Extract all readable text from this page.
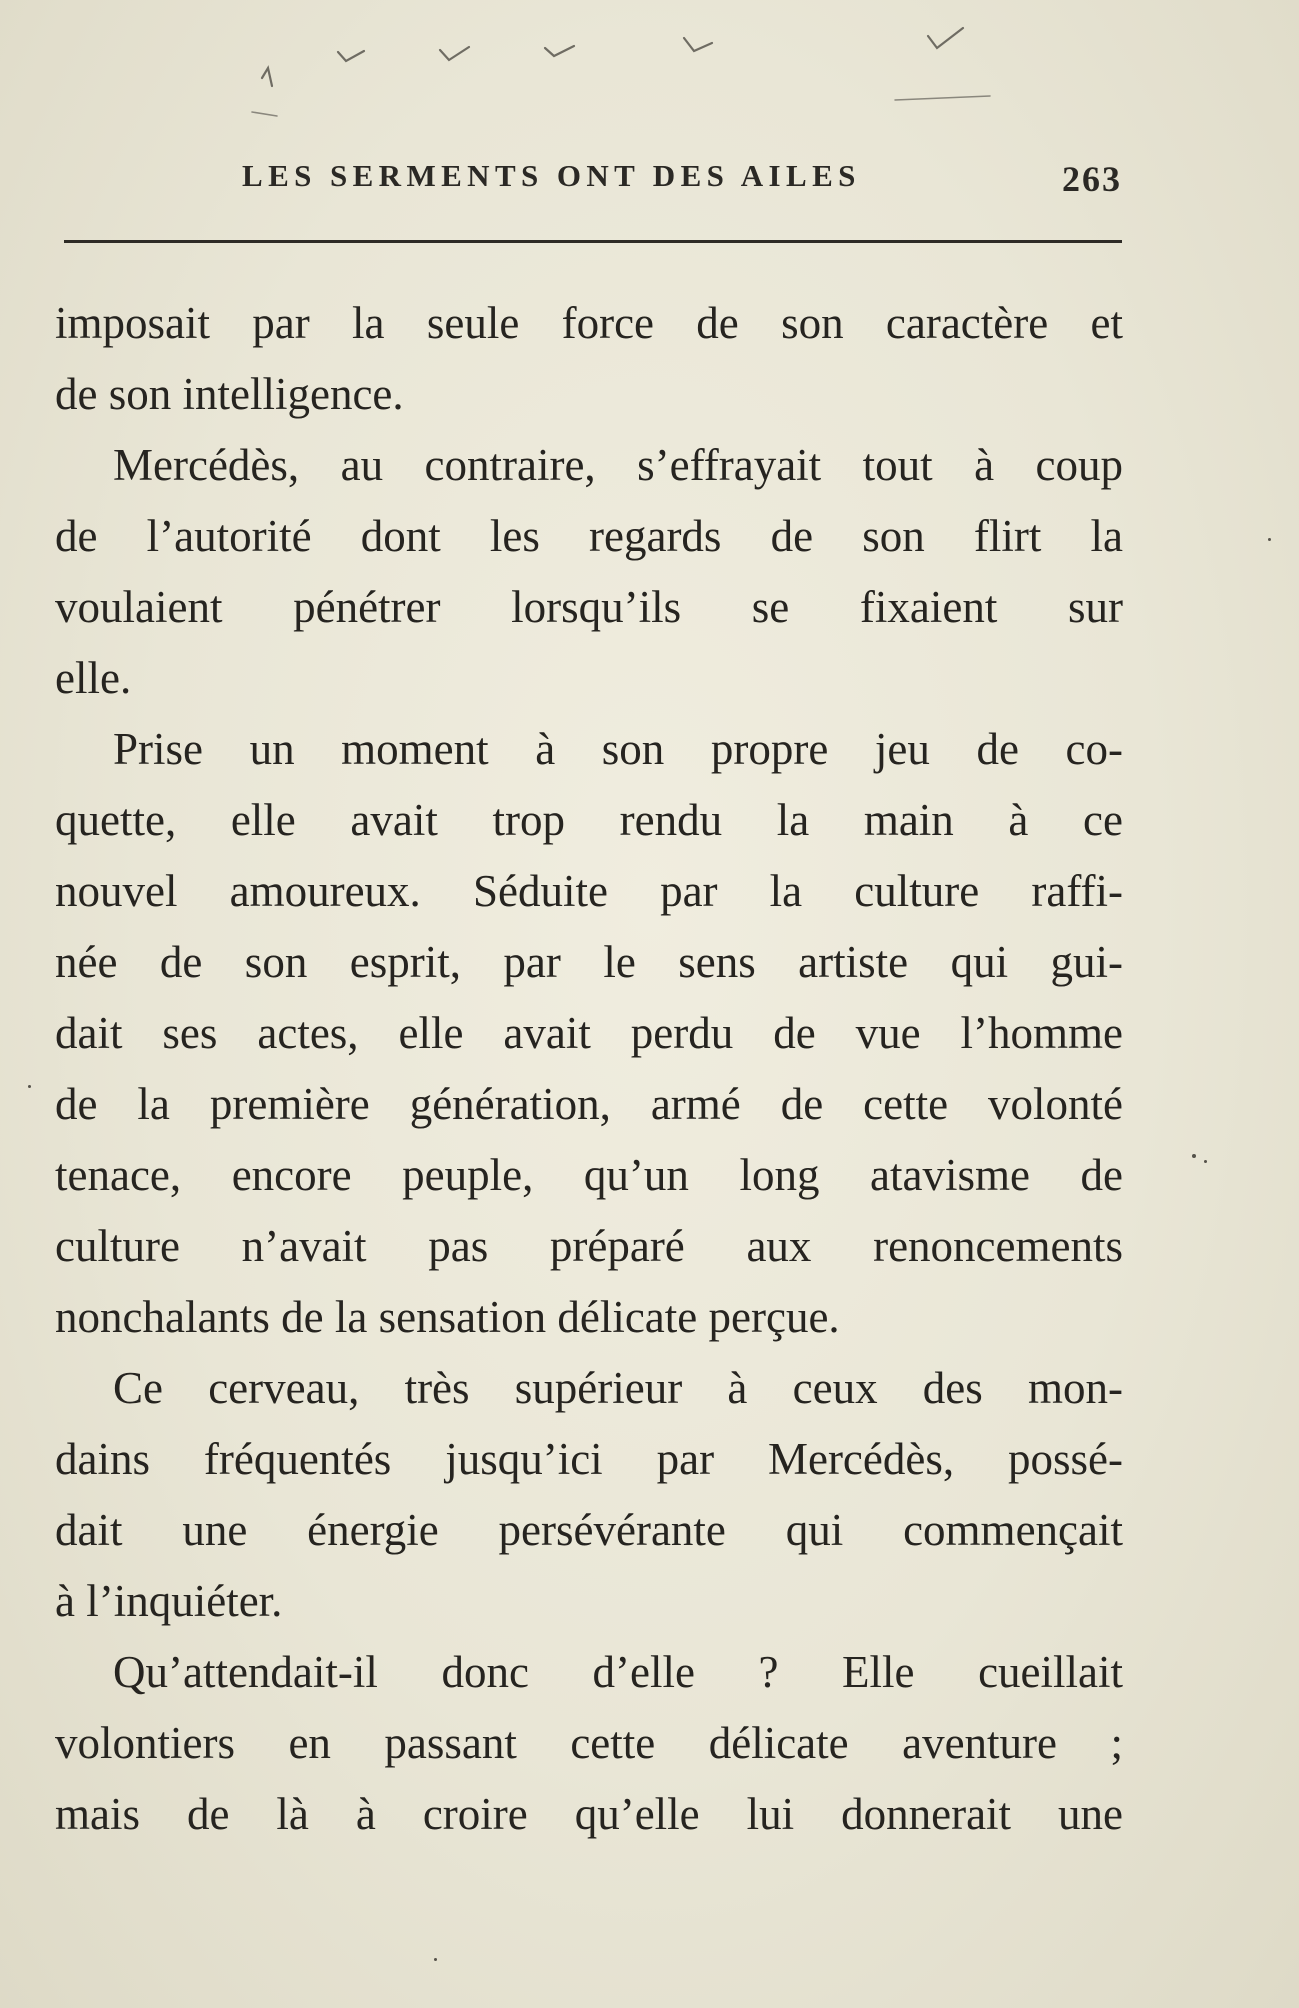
LES SERMENTS ONT DES AILES	263
imposait par la seule force de son caractère et
de son intelligence.
Mercédès, au contraire, s’effrayait tout à coup
de l’autorité dont les regards de son flirt la
voulaient pénétrer lorsqu’ils se fixaient sur
elle.
Prise un moment à son propre jeu de co-
quette, elle avait trop rendu la main à ce
nouvel amoureux. Séduite par la culture raffi-
née de son esprit, par le sens artiste qui gui-
dait ses actes, elle avait perdu de vue l’homme
de la première génération, armé de cette volonté
tenace, encore peuple, qu’un long atavisme de
culture n’avait pas préparé aux renoncements
nonchalants de la sensation délicate perçue.
Ce cerveau, très supérieur à ceux des mon-
dains fréquentés jusqu’ici par Mercédès, possé-
dait une énergie persévérante qui commençait
à l’inquiéter.
Qu’attendait-il donc d’elle ? Elle cueillait
volontiers en passant cette délicate aventure ;
mais de là à croire qu’elle lui donnerait une
